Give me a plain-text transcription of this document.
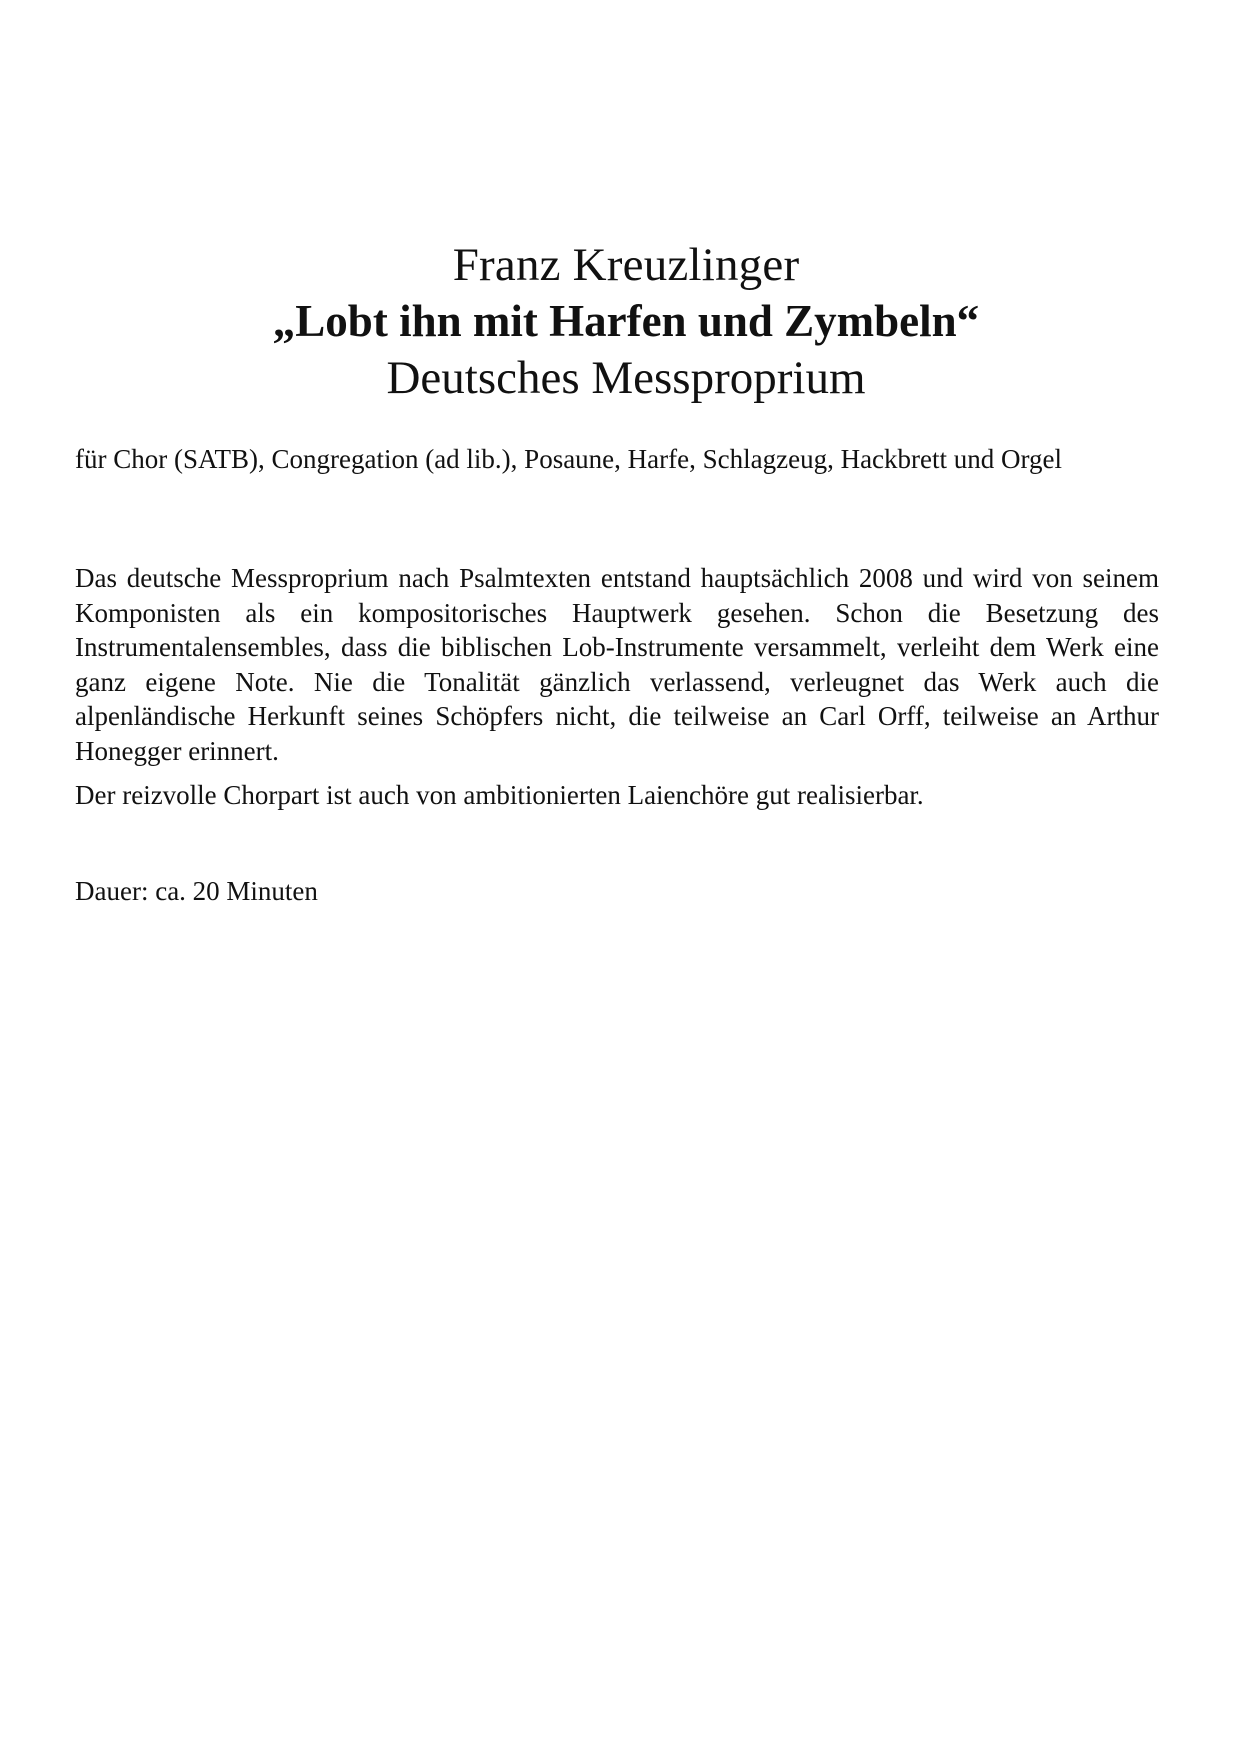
Franz Kreuzlinger
„Lobt ihn mit Harfen und Zymbeln“
Deutsches Messproprium
für Chor (SATB), Congregation (ad lib.), Posaune, Harfe, Schlagzeug, Hackbrett und Orgel

Das deutsche Messproprium nach Psalmtexten entstand hauptsächlich 2008 und wird von seinem Komponisten als ein kompositorisches Hauptwerk gesehen. Schon die Besetzung des Instrumentalensembles, dass die biblischen Lob-Instrumente versammelt, verleiht dem Werk eine ganz eigene Note. Nie die Tonalität gänzlich verlassend, verleugnet das Werk auch die alpenländische Herkunft seines Schöpfers nicht, die teilweise an Carl Orff, teilweise an Arthur Honegger erinnert.

Der reizvolle Chorpart ist auch von ambitionierten Laienchöre gut realisierbar.

Dauer: ca. 20 Minuten
